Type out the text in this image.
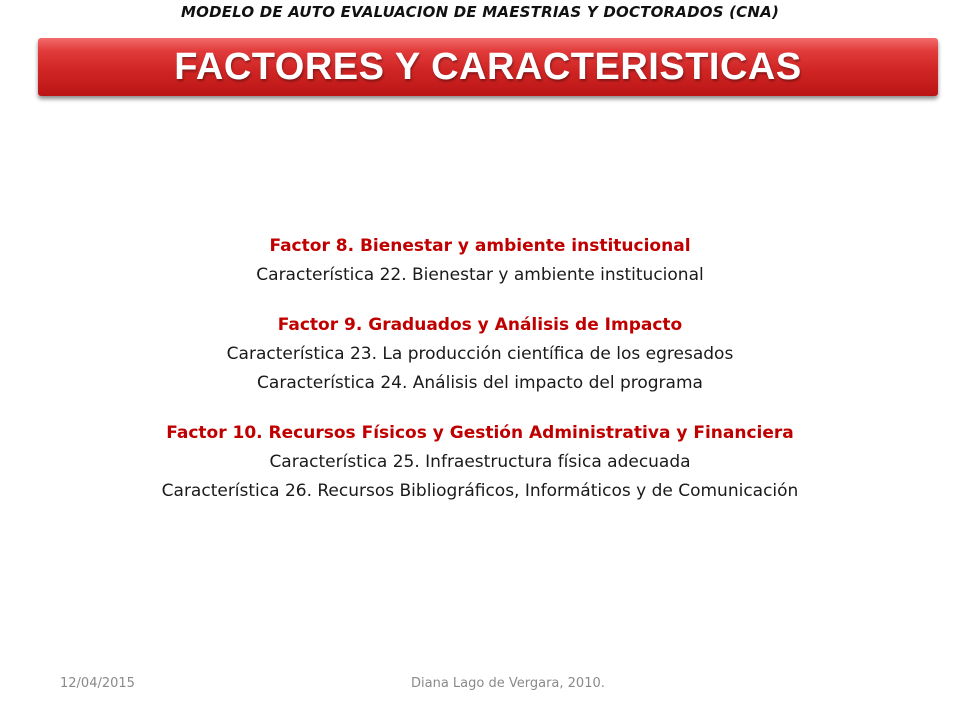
MODELO DE AUTO EVALUACION DE MAESTRIAS Y DOCTORADOS (CNA)
FACTORES Y CARACTERISTICAS
Factor 8. Bienestar y ambiente institucional
Característica 22. Bienestar y ambiente institucional
Factor 9. Graduados y Análisis de Impacto
Característica 23. La producción científica de los egresados
Característica 24. Análisis del impacto del programa
Factor 10. Recursos Físicos y Gestión Administrativa y Financiera
Característica 25. Infraestructura física adecuada
Característica 26. Recursos Bibliográficos, Informáticos y de Comunicación
12/04/2015	Diana Lago de Vergara, 2010.
